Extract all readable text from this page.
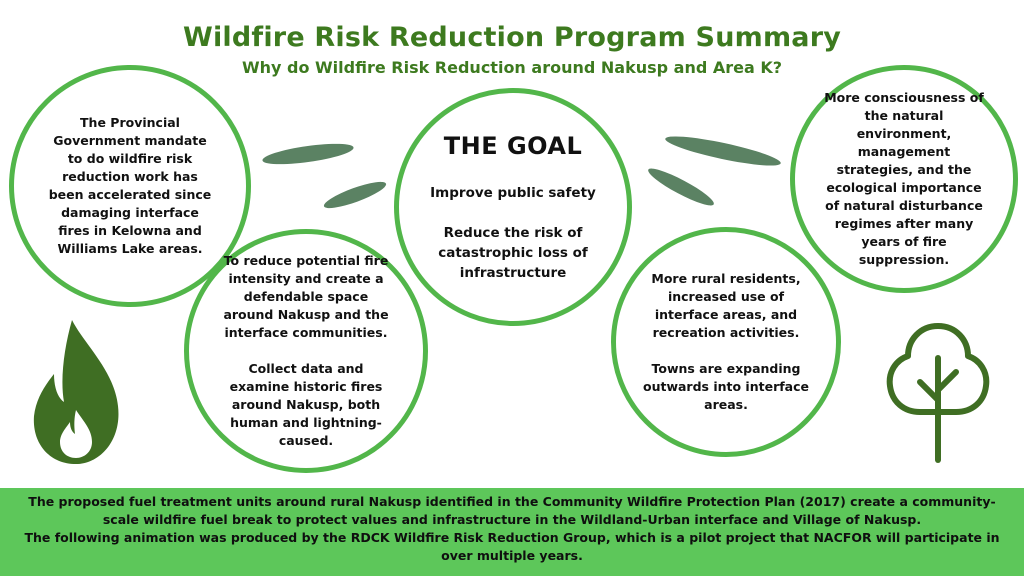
Wildfire Risk Reduction Program Summary
Why do Wildfire Risk Reduction around Nakusp and Area K?

The Provincial Government mandate to do wildfire risk reduction work has been accelerated since damaging interface fires in Kelowna and Williams Lake areas.

To reduce potential fire intensity and create a defendable space around Nakusp and the interface communities.

Collect data and examine historic fires around Nakusp, both human and lightning-caused.

THE GOAL

Improve public safety

Reduce the risk of catastrophic loss of infrastructure	More rural residents, increased use of interface areas, and recreation activities.

Towns are expanding outwards into interface areas.

More consciousness of the natural environment, management strategies, and the ecological importance of natural disturbance regimes after many years of fire suppression.

The proposed fuel treatment units around rural Nakusp identified in the Community Wildfire Protection Plan (2017) create a community-scale wildfire fuel break to protect values and infrastructure in the Wildland-Urban interface and Village of Nakusp.

The following animation was produced by the RDCK Wildfire Risk Reduction Group, which is a pilot project that NACFOR will participate in over multiple years.
